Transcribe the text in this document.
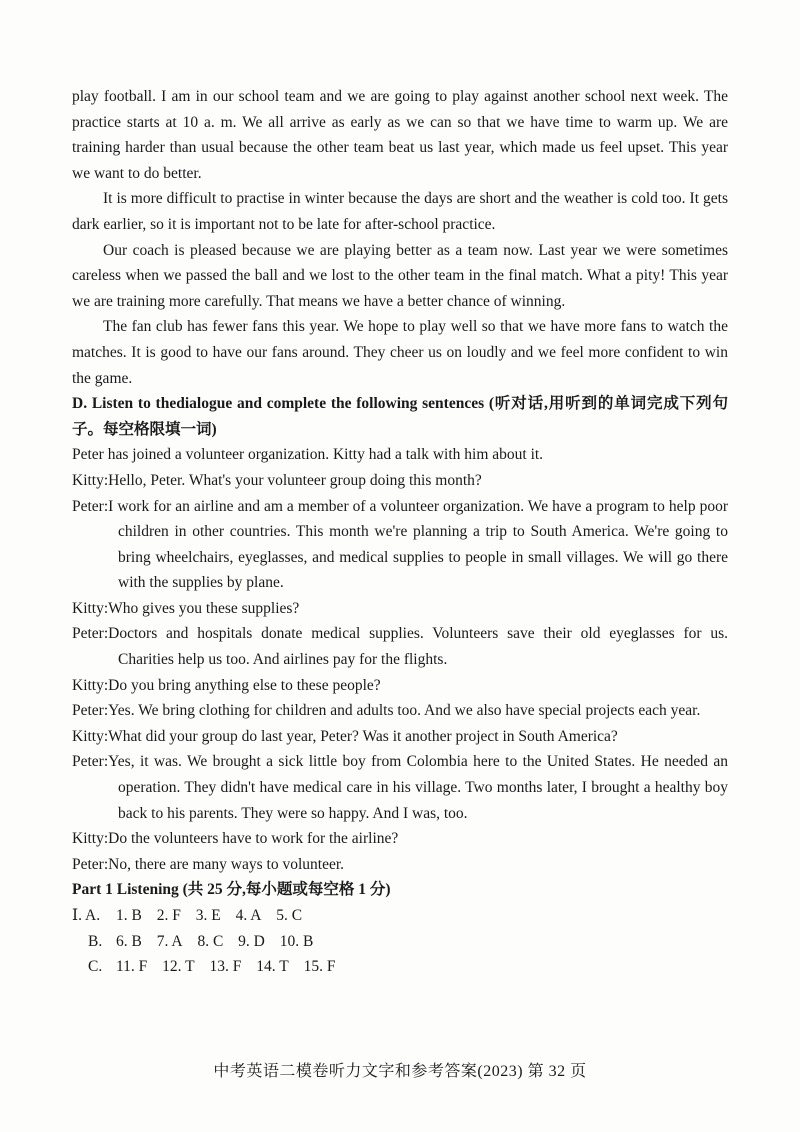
play football. I am in our school team and we are going to play against another school next week. The practice starts at 10 a. m. We all arrive as early as we can so that we have time to warm up. We are training harder than usual because the other team beat us last year, which made us feel upset. This year we want to do better.

It is more difficult to practise in winter because the days are short and the weather is cold too. It gets dark earlier, so it is important not to be late for after-school practice.

Our coach is pleased because we are playing better as a team now. Last year we were sometimes careless when we passed the ball and we lost to the other team in the final match. What a pity! This year we are training more carefully. That means we have a better chance of winning.

The fan club has fewer fans this year. We hope to play well so that we have more fans to watch the matches. It is good to have our fans around. They cheer us on loudly and we feel more confident to win the game.

D. Listen to thedialogue and complete the following sentences (听对话,用听到的单词完成下列句子。每空格限填一词)

Peter has joined a volunteer organization. Kitty had a talk with him about it.

Kitty:Hello, Peter. What's your volunteer group doing this month?

Peter:I work for an airline and am a member of a volunteer organization. We have a program to help poor children in other countries. This month we're planning a trip to South America. We're going to bring wheelchairs, eyeglasses, and medical supplies to people in small villages. We will go there with the supplies by plane.

Kitty:Who gives you these supplies?

Peter:Doctors and hospitals donate medical supplies. Volunteers save their old eyeglasses for us. Charities help us too. And airlines pay for the flights.

Kitty:Do you bring anything else to these people?

Peter:Yes. We bring clothing for children and adults too. And we also have special projects each year.

Kitty:What did your group do last year, Peter? Was it another project in South America?

Peter:Yes, it was. We brought a sick little boy from Colombia here to the United States. He needed an operation. They didn't have medical care in his village. Two months later, I brought a healthy boy back to his parents. They were so happy. And I was, too.

Kitty:Do the volunteers have to work for the airline?

Peter:No, there are many ways to volunteer.

Part 1 Listening (共 25 分,每小题或每空格 1 分)

Ⅰ. A.	1. B 2. F 3. E 4. A 5. C
B. 6. B 7. A 8. C 9. D 10. B
C. 11. F 12. T 13. F 14. T 15. F
中考英语二模卷听力文字和参考答案(2023) 第 32 页
